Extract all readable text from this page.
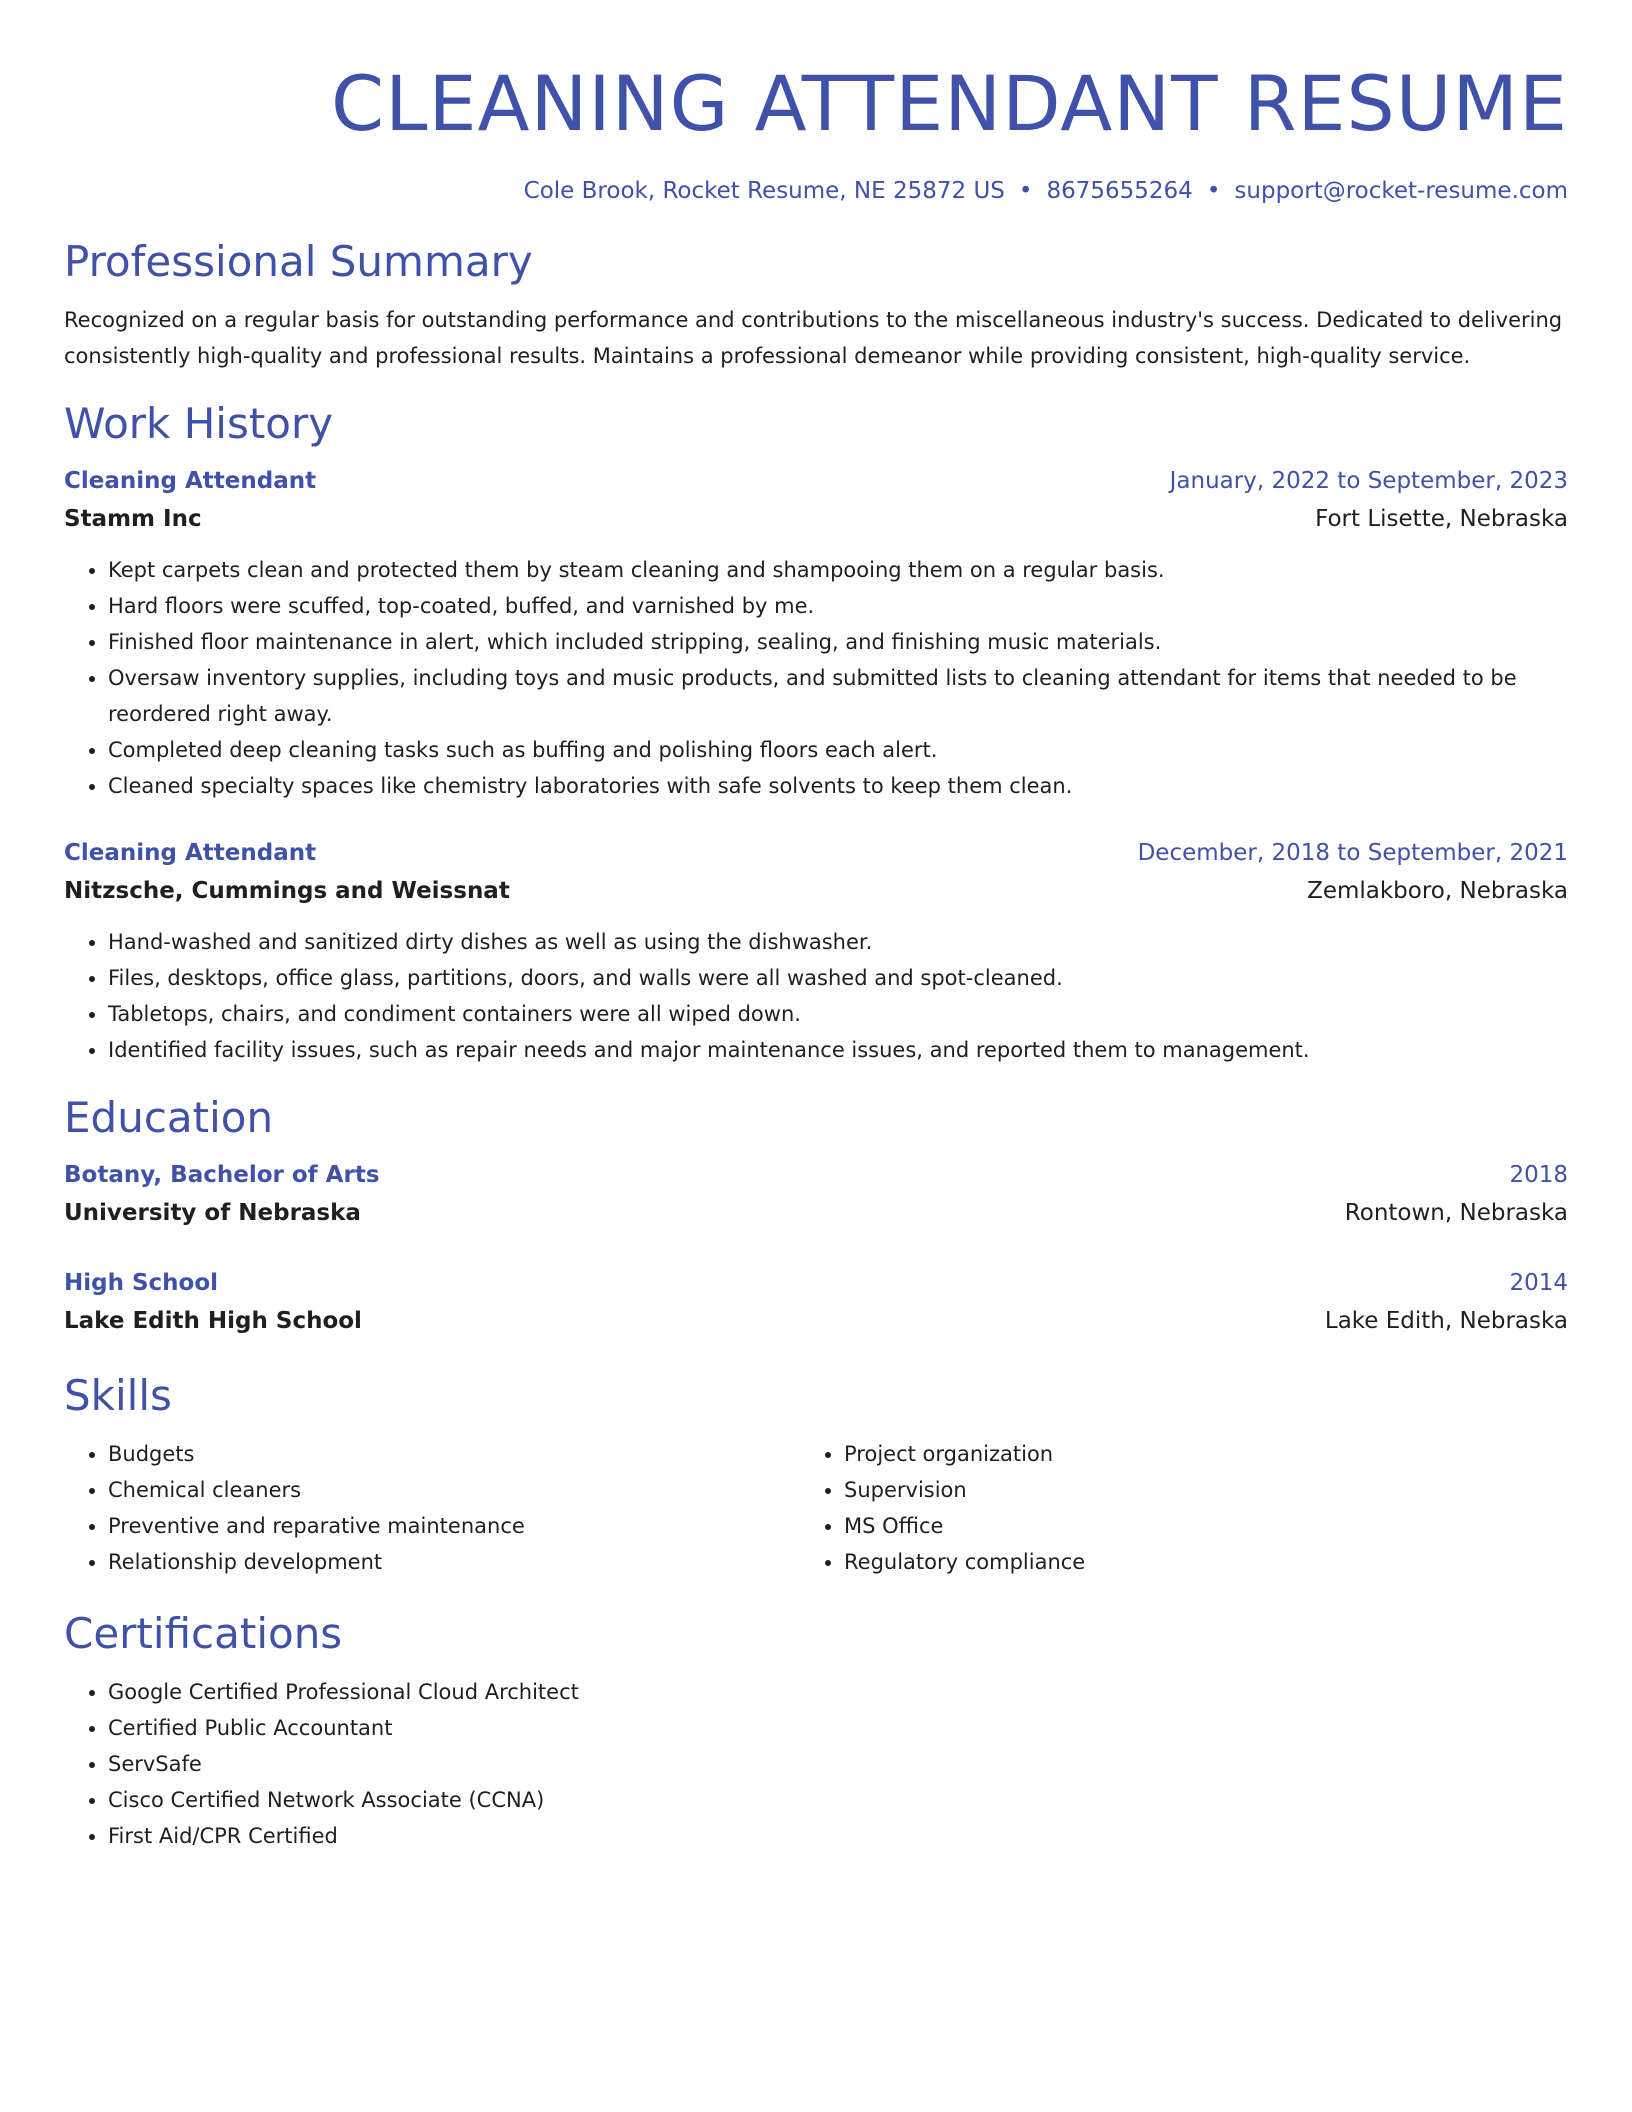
CLEANING ATTENDANT RESUME
Cole Brook, Rocket Resume, NE 25872 US • 8675655264 • support@rocket-resume.com
Professional Summary

Recognized on a regular basis for outstanding performance and contributions to the miscellaneous industry's success. Dedicated to delivering consistently high-quality and professional results. Maintains a professional demeanor while providing consistent, high-quality service.

Work History
Cleaning Attendant	January, 2022 to September, 2023
Stamm Inc	Fort Lisette, Nebraska
• Kept carpets clean and protected them by steam cleaning and shampooing them on a regular basis.
• Hard floors were scuffed, top-coated, buffed, and varnished by me.
• Finished floor maintenance in alert, which included stripping, sealing, and finishing music materials.
• Oversaw inventory supplies, including toys and music products, and submitted lists to cleaning attendant for items that needed to be reordered right away.
• Completed deep cleaning tasks such as buffing and polishing floors each alert.
• Cleaned specialty spaces like chemistry laboratories with safe solvents to keep them clean.
Cleaning Attendant	December, 2018 to September, 2021
Nitzsche, Cummings and Weissnat	Zemlakboro, Nebraska
• Hand-washed and sanitized dirty dishes as well as using the dishwasher.
• Files, desktops, office glass, partitions, doors, and walls were all washed and spot-cleaned.
• Tabletops, chairs, and condiment containers were all wiped down.
• Identified facility issues, such as repair needs and major maintenance issues, and reported them to management.
Education
Botany, Bachelor of Arts	2018
University of Nebraska	Rontown, Nebraska
High School	2014
Lake Edith High School	Lake Edith, Nebraska
Skills
• Budgets
• Chemical cleaners
• Preventive and reparative maintenance
• Relationship development
• Project organization
• Supervision
• MS Office
• Regulatory compliance
Certifications
• Google Certified Professional Cloud Architect
• Certified Public Accountant
• ServSafe
• Cisco Certified Network Associate (CCNA)
• First Aid/CPR Certified
